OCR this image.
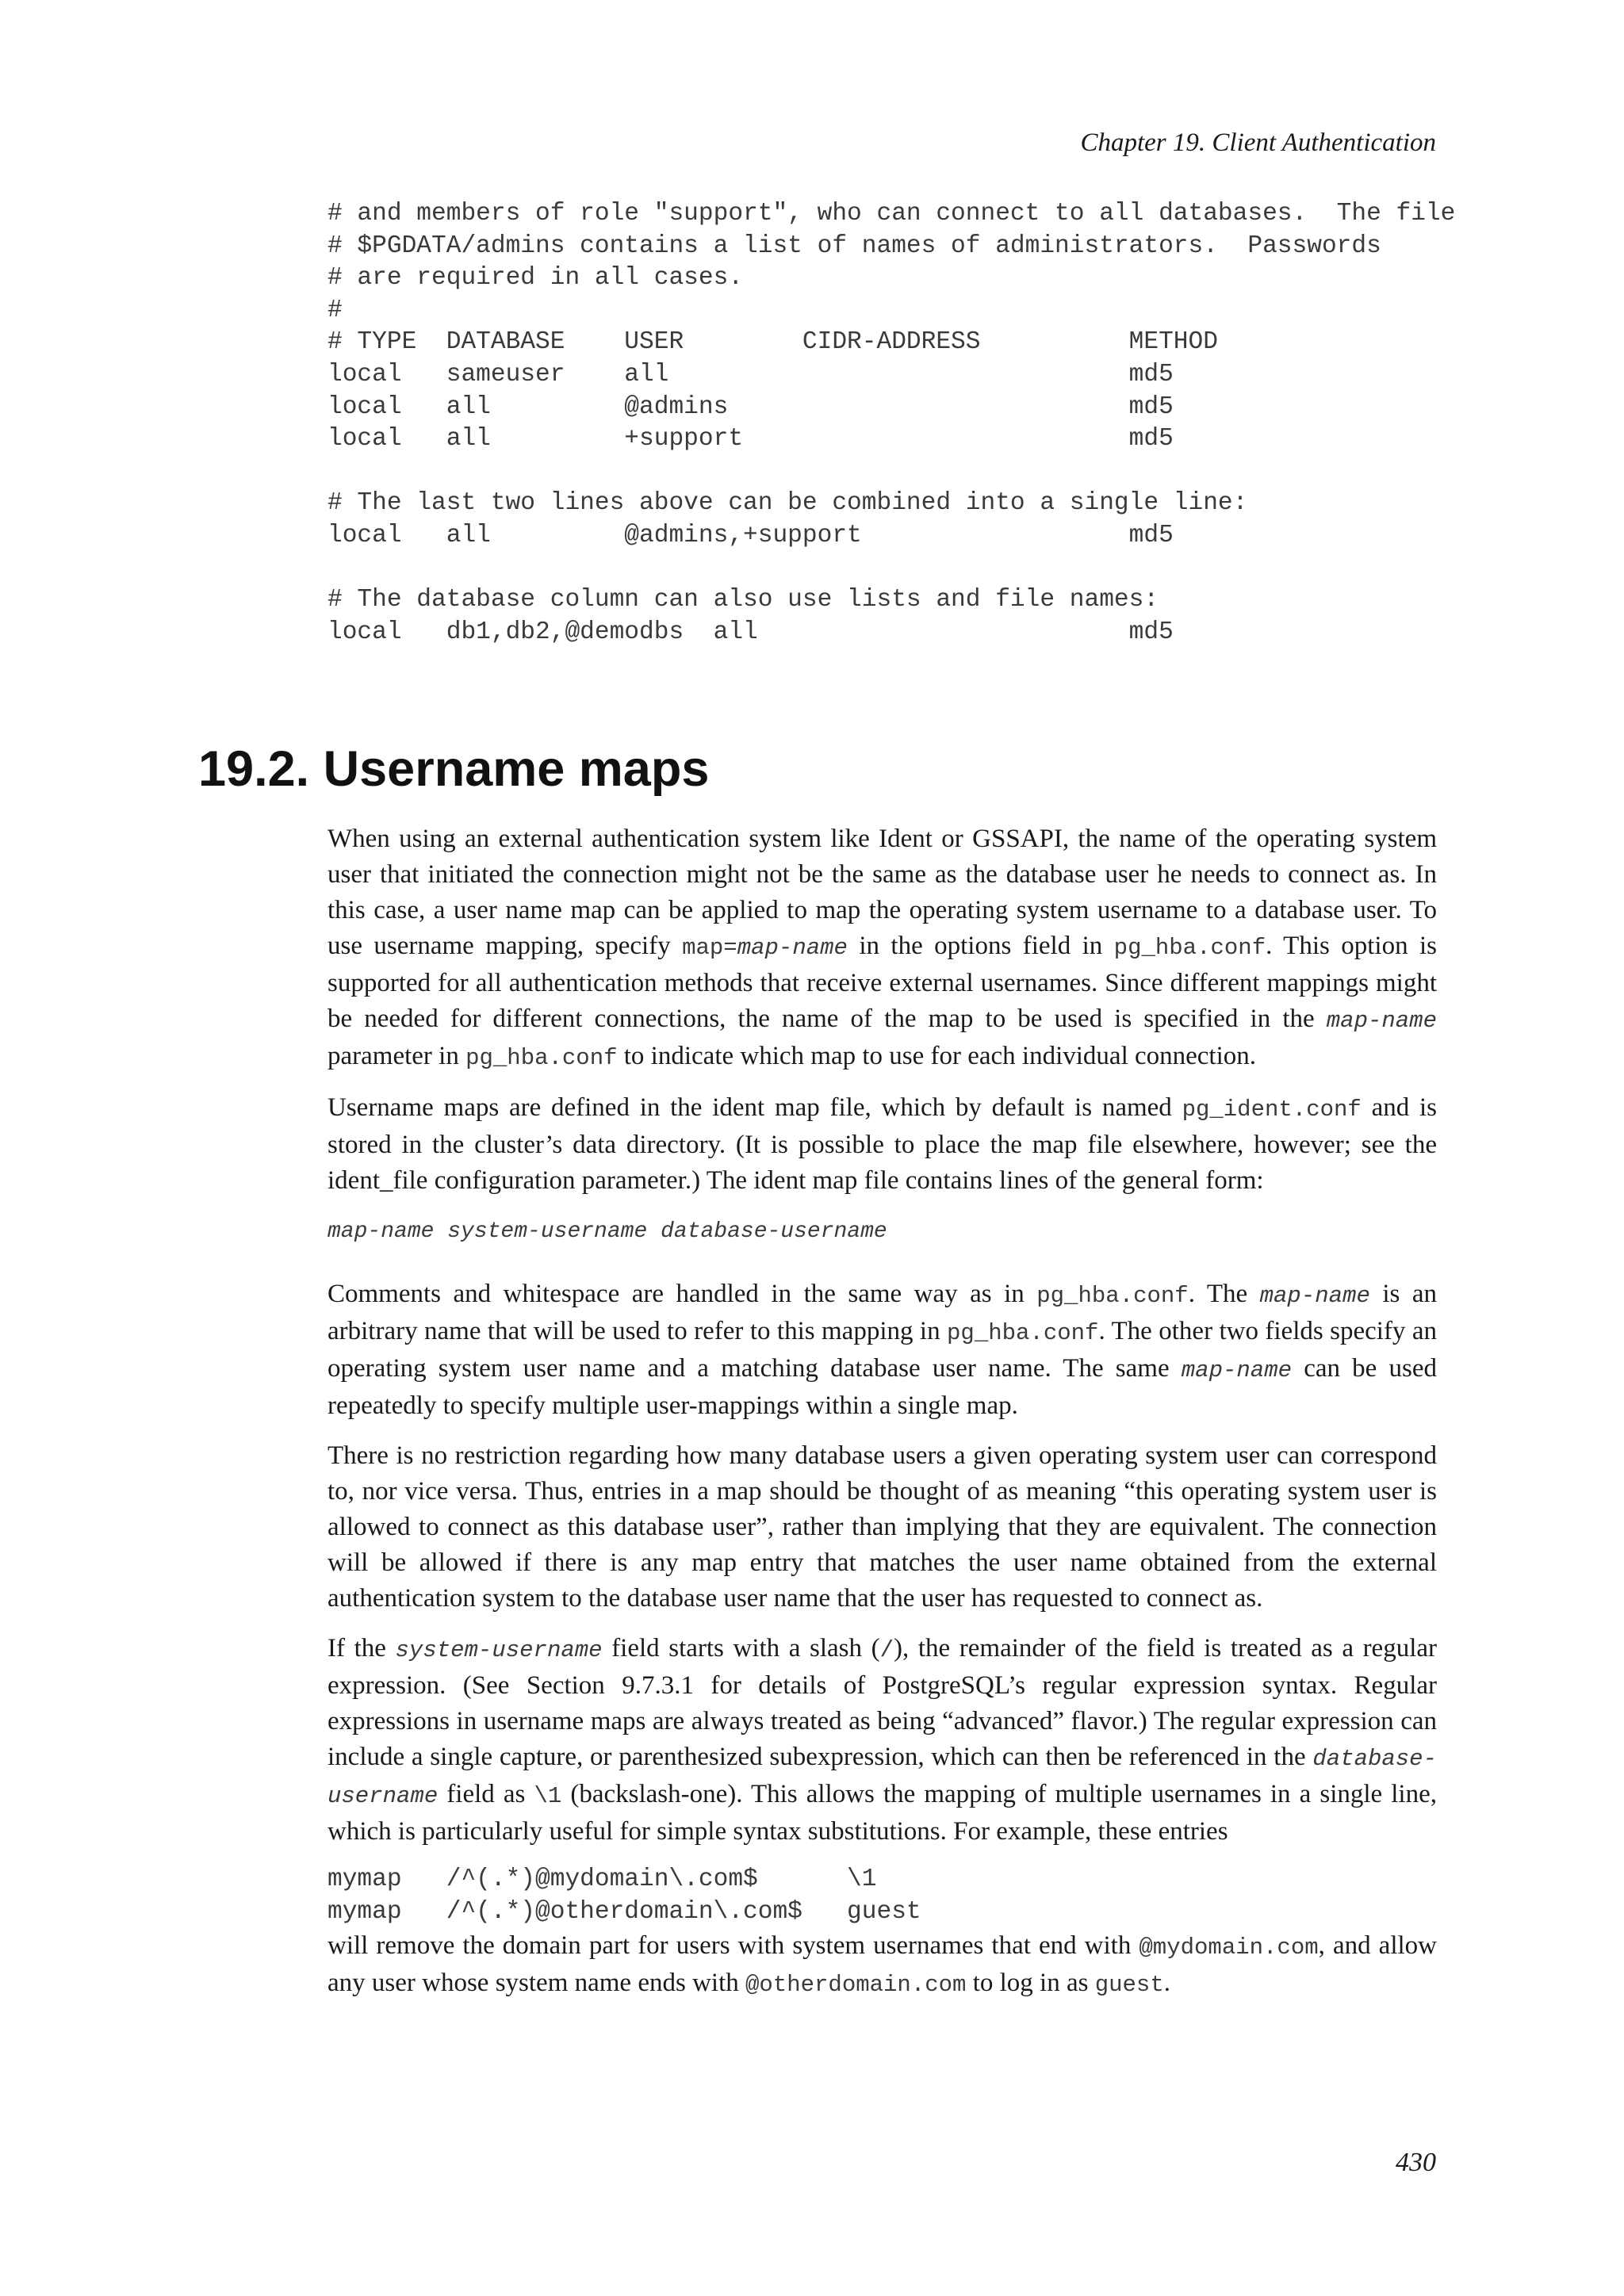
Chapter 19. Client Authentication
# and members of role "support", who can connect to all databases.  The file
# $PGDATA/admins contains a list of names of administrators.  Passwords
# are required in all cases.
#
# TYPE  DATABASE    USER        CIDR-ADDRESS          METHOD
local   sameuser    all                               md5
local   all         @admins                           md5
local   all         +support                          md5

# The last two lines above can be combined into a single line:
local   all         @admins,+support                  md5

# The database column can also use lists and file names:
local   db1,db2,@demodbs  all                         md5

19.2. Username maps

When using an external authentication system like Ident or GSSAPI, the name of the operating system user that initiated the connection might not be the same as the database user he needs to connect as. In this case, a user name map can be applied to map the operating system username to a database user. To use username mapping, specify map=map-name in the options field in pg_hba.conf. This option is supported for all authentication methods that receive external usernames. Since different mappings might be needed for different connections, the name of the map to be used is specified in the map-name parameter in pg_hba.conf to indicate which map to use for each individual connection.

Username maps are defined in the ident map file, which by default is named pg_ident.conf and is stored in the cluster’s data directory. (It is possible to place the map file elsewhere, however; see the ident_file configuration parameter.) The ident map file contains lines of the general form:

map-name system-username database-username

Comments and whitespace are handled in the same way as in pg_hba.conf. The map-name is an arbitrary name that will be used to refer to this mapping in pg_hba.conf. The other two fields specify an operating system user name and a matching database user name. The same map-name can be used repeatedly to specify multiple user-mappings within a single map.

There is no restriction regarding how many database users a given operating system user can correspond to, nor vice versa. Thus, entries in a map should be thought of as meaning “this operating system user is allowed to connect as this database user”, rather than implying that they are equivalent. The connection will be allowed if there is any map entry that matches the user name obtained from the external authentication system to the database user name that the user has requested to connect as.

If the system-username field starts with a slash (/), the remainder of the field is treated as a regular expression. (See Section 9.7.3.1 for details of PostgreSQL’s regular expression syntax. Regular expressions in username maps are always treated as being “advanced” flavor.) The regular expression can include a single capture, or parenthesized subexpression, which can then be referenced in the database-username field as \1 (backslash-one). This allows the mapping of multiple usernames in a single line, which is particularly useful for simple syntax substitutions. For example, these entries

mymap   /^(.*)@mydomain\.com$      \1
mymap   /^(.*)@otherdomain\.com$   guest

will remove the domain part for users with system usernames that end with @mydomain.com, and allow any user whose system name ends with @otherdomain.com to log in as guest.

430
